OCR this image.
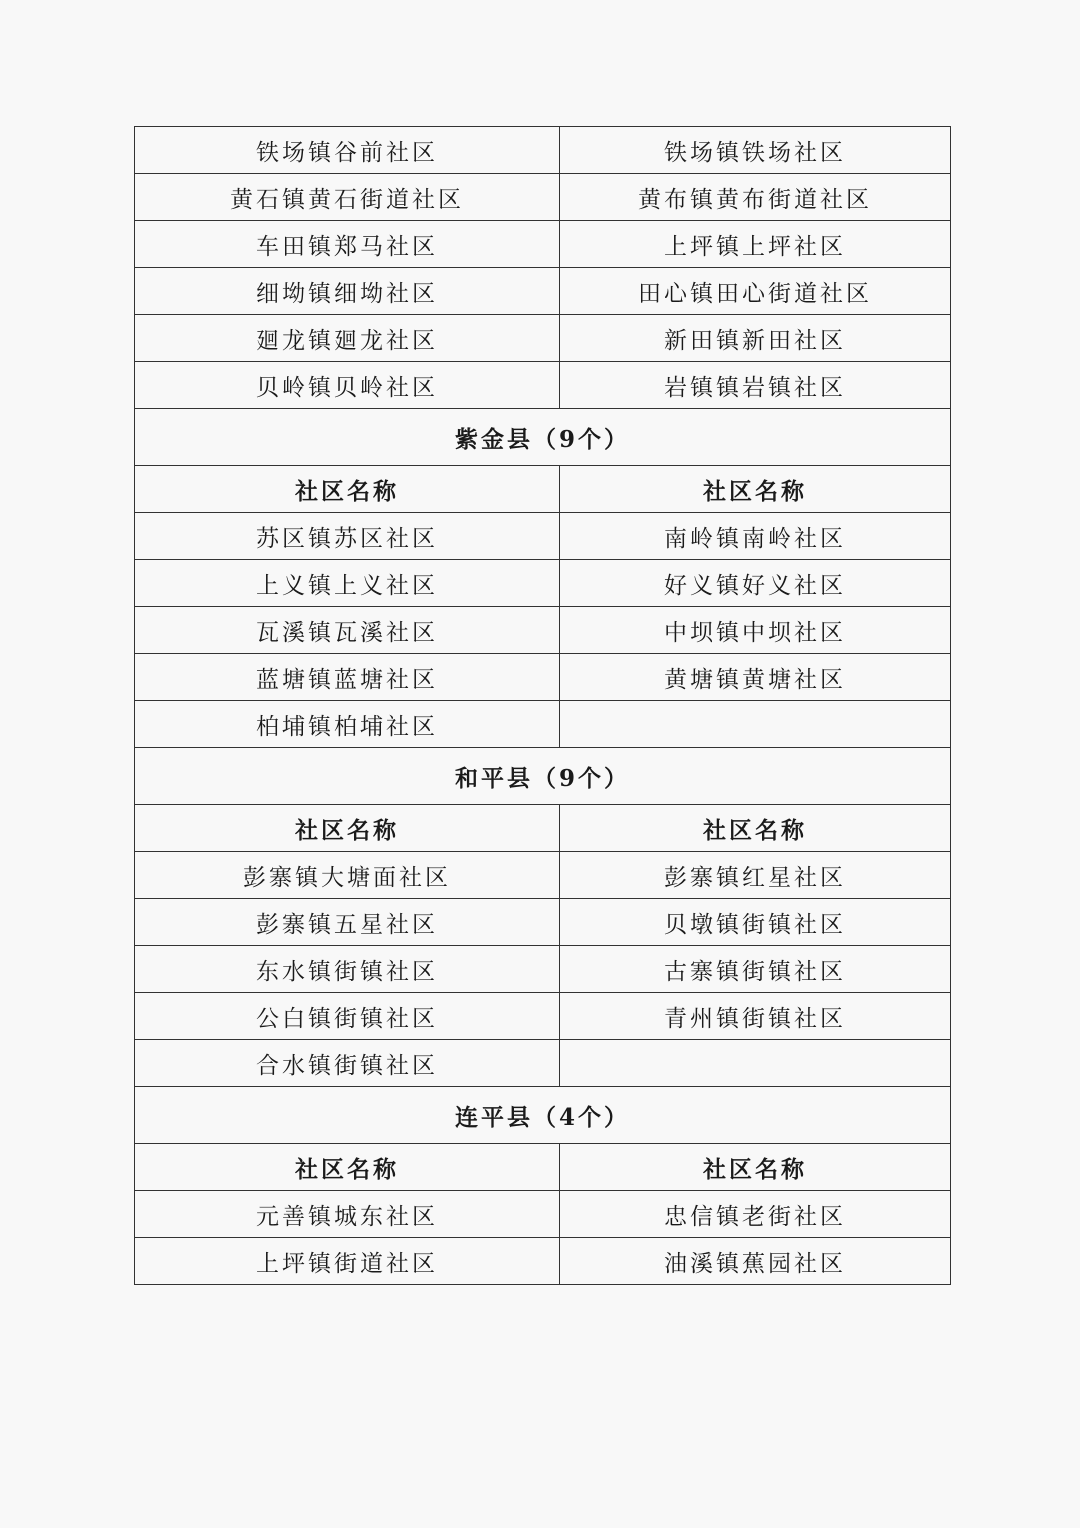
铁场镇谷前社区	铁场镇铁场社区
黄石镇黄石街道社区	黄布镇黄布街道社区
车田镇郑马社区	上坪镇上坪社区
细坳镇细坳社区	田心镇田心街道社区
廻龙镇廻龙社区	新田镇新田社区
贝岭镇贝岭社区	岩镇镇岩镇社区
紫金县（9个）	
社区名称	社区名称
苏区镇苏区社区	南岭镇南岭社区
上义镇上义社区	好义镇好义社区
瓦溪镇瓦溪社区	中坝镇中坝社区
蓝塘镇蓝塘社区	黄塘镇黄塘社区
柏埔镇柏埔社区	
和平县（9个）	
社区名称	社区名称
彭寨镇大塘面社区	彭寨镇红星社区
彭寨镇五星社区	贝墩镇街镇社区
东水镇街镇社区	古寨镇街镇社区
公白镇街镇社区	青州镇街镇社区
合水镇街镇社区	
连平县（4个）	
社区名称	社区名称
元善镇城东社区	忠信镇老街社区
上坪镇街道社区	油溪镇蕉园社区
